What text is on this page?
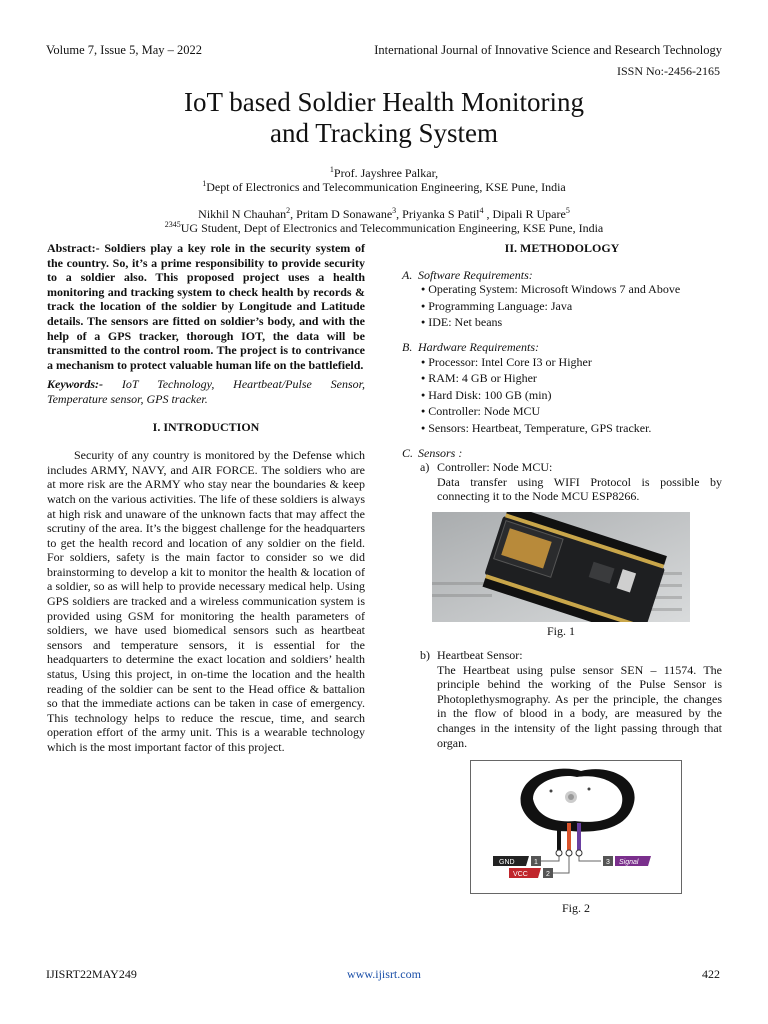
Volume 7, Issue 5, May – 2022	International Journal of Innovative Science and Research Technology
ISSN No:-2456-2165
IoT based Soldier Health Monitoring
and Tracking System
$^1$Prof. Jayshree Palkar,
$^1$Dept of Electronics and Telecommunication Engineering, KSE Pune, India
Nikhil N Chauhan$^2$, Pritam D Sonawane$^3$, Priyanka S Patil$^4$ , Dipali R Upare$^5$
$^{2345}$UG Student, Dept of Electronics and Telecommunication Engineering, KSE Pune, India
Abstract:- Soldiers play a key role in the security system of the country. So, it’s a prime responsibility to provide security to a soldier also. This proposed project uses a health monitoring and tracking system to check health by records & track the location of the soldier by Longitude and Latitude details. The sensors are fitted on soldier’s body, and with the help of a GPS tracker, thorough IOT, the data will be transmitted to the control room. The project is to contrivance a mechanism to protect valuable human life on the battlefield.
Keywords:- IoT Technology, Heartbeat/Pulse Sensor, Temperature sensor, GPS tracker.
I. INTRODUCTION
Security of any country is monitored by the Defense which includes ARMY, NAVY, and AIR FORCE. The soldiers who are at more risk are the ARMY who stay near the boundaries & keep watch on the various activities. The life of these soldiers is always at high risk and unaware of the unknown facts that may affect the scrutiny of the area. It’s the biggest challenge for the headquarters to get the health record and location of any soldier on the field. For soldiers, safety is the main factor to consider so we did brainstorming to develop a kit to monitor the health & location of a soldier, so as will help to provide necessary medical help. Using GPS soldiers are tracked and a wireless communication system is provided using GSM for monitoring the health parameters of soldiers, we have used biomedical sensors such as heartbeat sensors and temperature sensors, it is essential for the headquarters to determine the exact location and soldiers’ health status, Using this project, in on-time the location and the health reading of the soldier can be sent to the Head office & battalion so that the immediate actions can be taken in case of emergency. This technology helps to reduce the rescue, time, and search operation effort of the army unit. This is a wearable technology which is the most important factor of this project.
II. METHODOLOGY
A. Software Requirements:
● Operating System: Microsoft Windows 7 and Above
● Programming Language: Java
● IDE: Net beans
B. Hardware Requirements:
● Processor: Intel Core I3 or Higher
● RAM: 4 GB or Higher
● Hard Disk: 100 GB (min)
● Controller: Node MCU
● Sensors: Heartbeat, Temperature, GPS tracker.
C. Sensors :
a) Controller: Node MCU:
Data transfer using WIFI Protocol is possible by connecting it to the Node MCU ESP8266.
b) Heartbeat Sensor:
The Heartbeat using pulse sensor SEN – 11574. The principle behind the working of the Pulse Sensor is Photoplethysmography. As per the principle, the changes in the flow of blood in a body, are measured by the changes in the intensity of the light passing through that organ.
Fig. 1
GND	1
VCC	2
3 Signal
Fig. 2
IJISRT22MAY249	www.ijisrt.com	422
